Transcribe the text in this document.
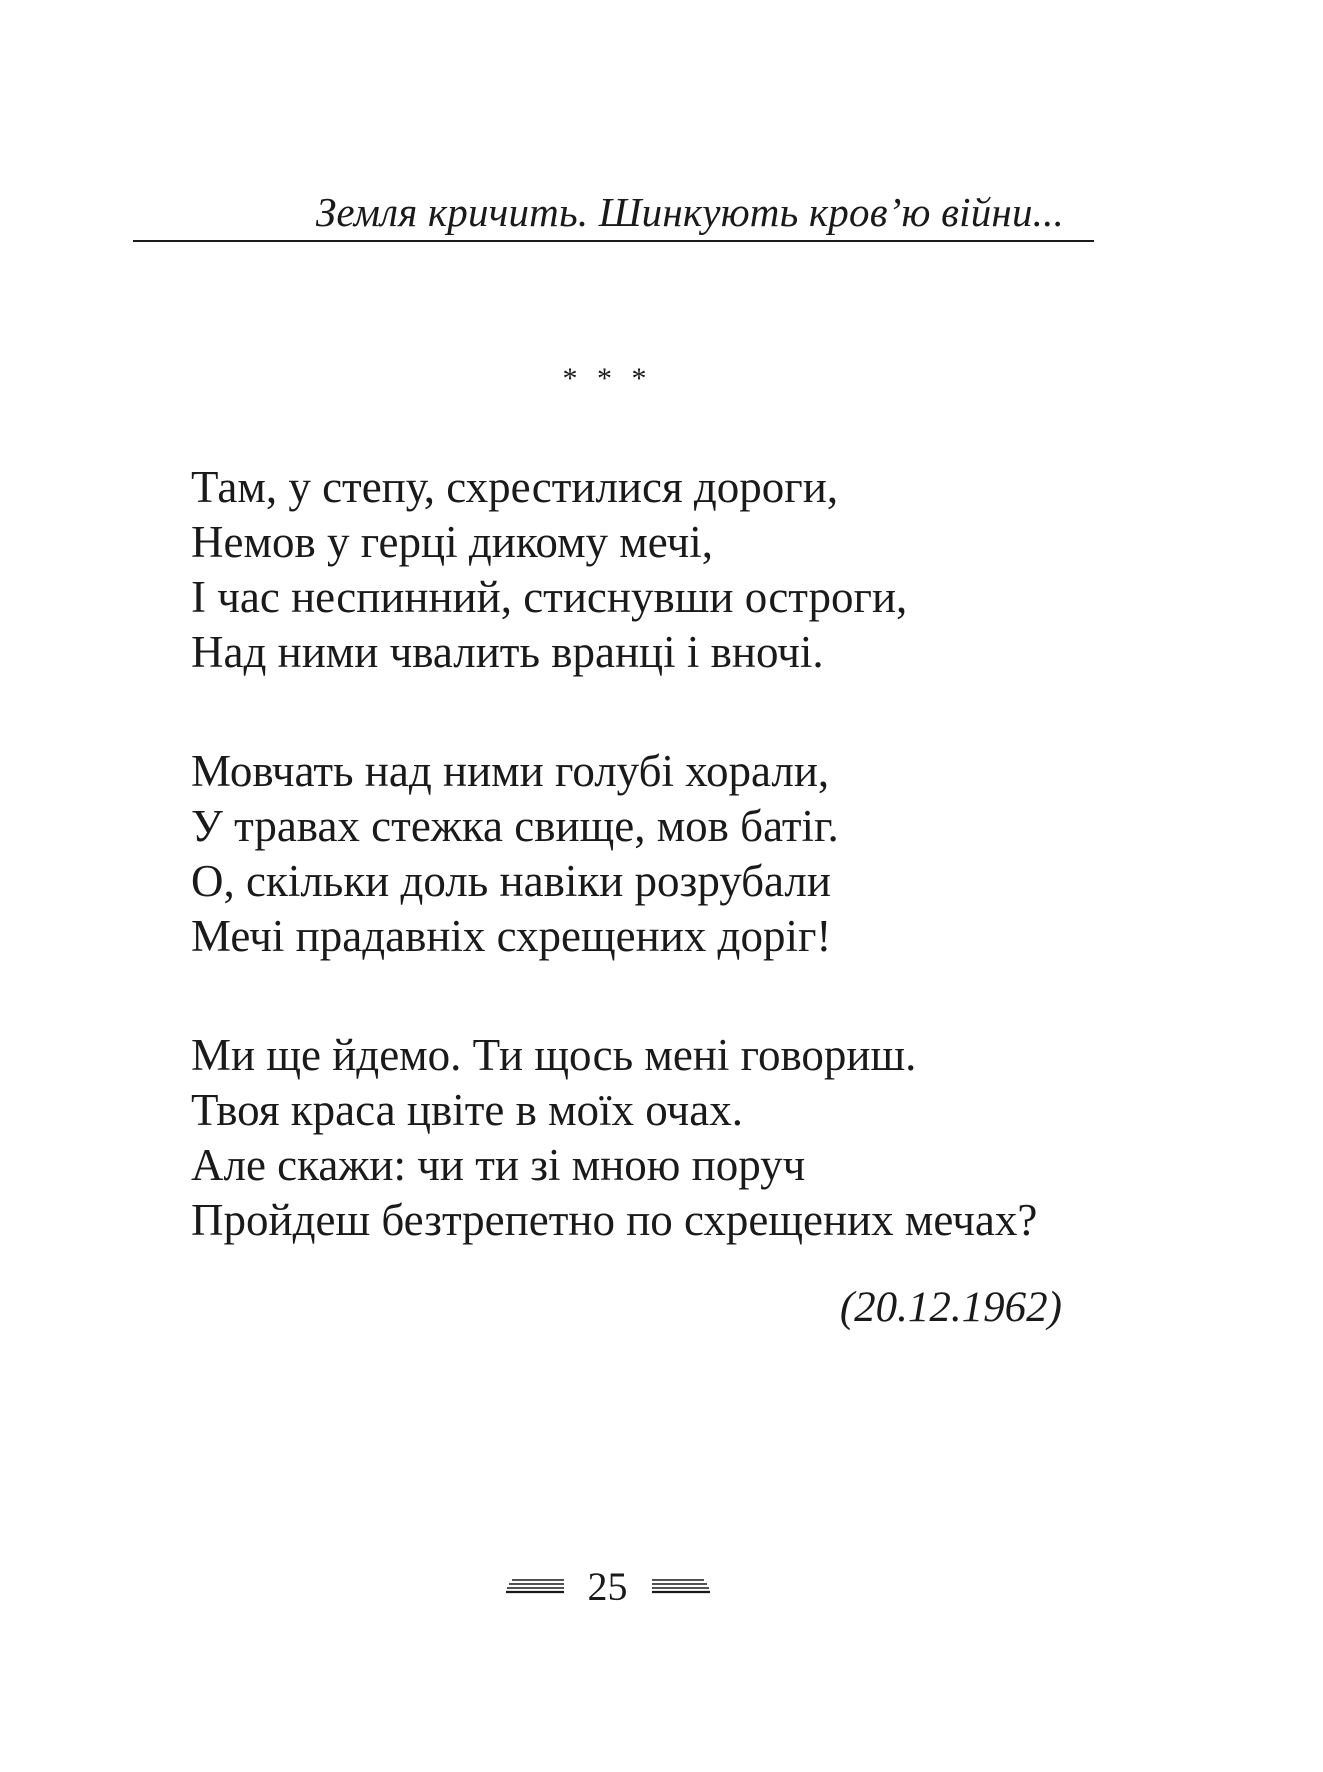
Земля кричить. Шинкують кров’ю війни...
* * *
Там, у степу, схрестилися дороги,
Немов у герці дикому мечі,
І час неспинний, стиснувши остроги,
Над ними чвалить вранці і вночі.
Мовчать над ними голубі хорали,
У травах стежка свище, мов батіг.
О, скільки доль навіки розрубали
Мечі прадавніх схрещених доріг!
Ми ще йдемо. Ти щось мені говориш.
Твоя краса цвіте в моїх очах.
Але скажи: чи ти зі мною поруч
Пройдеш безтрепетно по схрещених мечах?
(20.12.1962)
25
